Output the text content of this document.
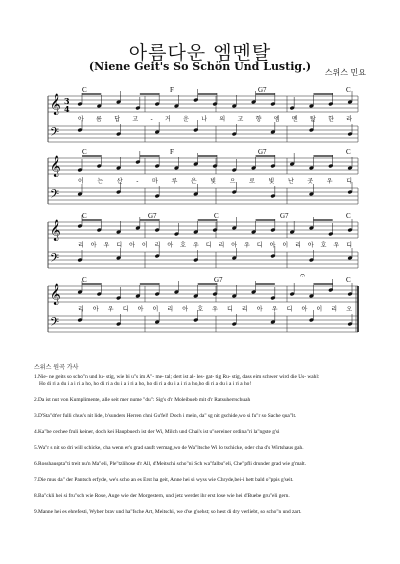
아름다운 엠멘탈
(Niene Geit's So Schön Und Lustig.)	스위스 민요
𝄞
𝄢
3
4
C	F	G7	C
아 름 답 고 - 거 운 나 의 고 향 엠 멘 탈 한 라
𝄞
𝄢
C	F	G7	C
이 는 산 - 마 루 은 빛 으 로 빛 난 곳 우 디
𝄞
𝄢
C	G7	C	G7	C
리 아 우 디 아 이 리 아 호 우 디 리 아 우 디 아 이 리 아 호 우 디
𝄞
𝄢
C	G7	C
리 아 우 디 아 이 리 아 호 우 디 리 아 우 디 아 이 리 오
𝄐
스위스 원곡 가사
1.Nie- ne geits so scho"n und lu- stig, wie bi u"s im A"- me- tal; dert ist al- les- gat- tig Ru- stig, dass eim schwer wird die Us- wahl:
Ho di ri a du i a i ri a ho, ho di ri a du i a i ri a ho, ho di ri a du i a i ri a ho,ho di ri a du i a i ri a ho!
2.Da ist nut von Kumplimente, alle seit mer nume "du": Sig's d'r Moleibueb mit d'r Ratsuherrschuah
3.D'Sta"dt'er fulli chus's nit lide, b'sunders Herren chni Gu'fel! Doch i mein, da" sg nit gschide,wo si fu"r so Sache qua"lt.
4.Ka"be cechee fruli keiner, doch kei Haupbuech ist der Wi, Milch und Chai's ist u"sereiner ordina"ri la"ngste g'si
5.Wa"r s nit so dri will schicke, cha wenn er's grad sauft vermag,wo de Wa"ltsche Wi lo tschicke, oder cha d's Wirtshaus gah.
6.Rosshauspta"ti treit nu'n Ma"eli, Ple"tzlihose d'r All, d'Meitschi scho"ni Sch wa"falbu"eli, Che"pfli drunder grad wie g'malt.
7.Die mus da" der Pantsch erfyde, we's scho an es Erst ha geit, Anne hei si wyss wie Chryde,bei-i hett bald o"ppis g'seit.
8.Ba"ckli hei si fru"sch wie Rose, Auge wie der Morgestern, und jetz werdet ihr erst lose wie hei d'Buebe gru"eli gern.
9.Manne hei es ehrefesti, Wyber brav und ha"fsche Art, Meitschi, we d'se g'sehst; so hest di dry verliebt, so scho"n und zart.
